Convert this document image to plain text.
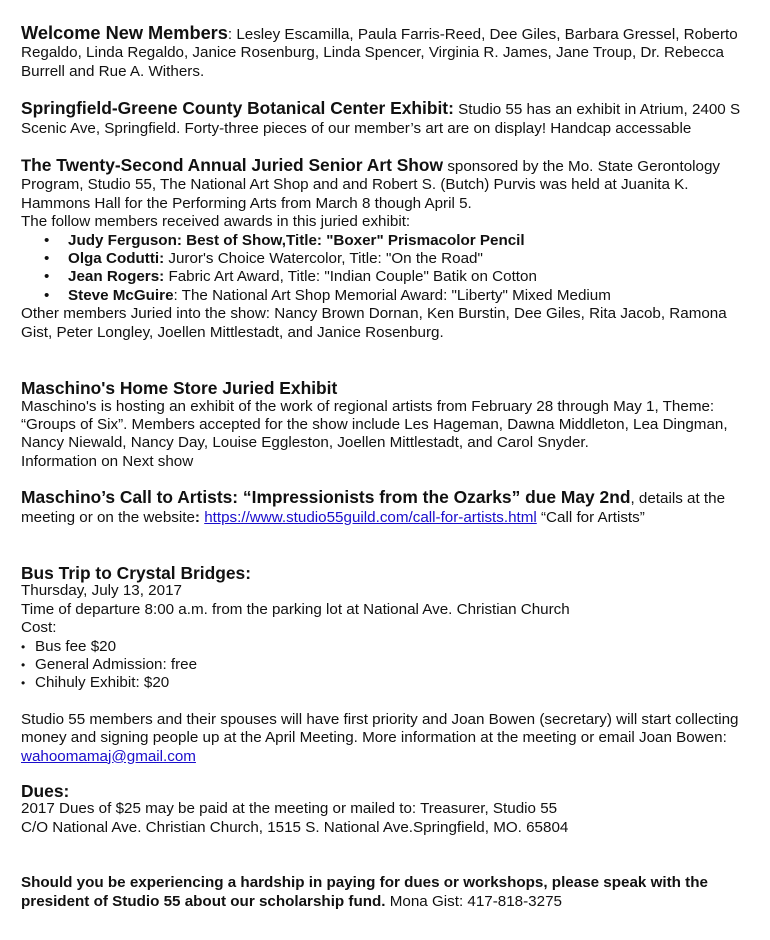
Welcome New Members: Lesley Escamilla, Paula Farris-Reed, Dee Giles, Barbara Gressel, Roberto Regaldo, Linda Regaldo, Janice Rosenburg, Linda Spencer, Virginia R. James, Jane Troup, Dr. Rebecca Burrell and Rue A. Withers.

Springfield-Greene County Botanical Center Exhibit: Studio 55 has an exhibit in Atrium, 2400 S Scenic Ave, Springfield. Forty-three pieces of our member’s art are on display! Handcap accessable

The Twenty-Second Annual Juried Senior Art Show sponsored by the Mo. State Gerontology Program, Studio 55, The National Art Shop and and Robert S. (Butch) Purvis was held at Juanita K. Hammons Hall for the Performing Arts from March 8 though April 5.

The follow members received awards in this juried exhibit:

• Judy Ferguson: Best of Show,Title: "Boxer" Prismacolor Pencil
• Olga Codutti: Juror's Choice Watercolor, Title: "On the Road"
• Jean Rogers: Fabric Art Award, Title: "Indian Couple" Batik on Cotton
• Steve McGuire: The National Art Shop Memorial Award: "Liberty" Mixed Medium

Other members Juried into the show: Nancy Brown Dornan, Ken Burstin, Dee Giles, Rita Jacob, Ramona Gist, Peter Longley, Joellen Mittlestadt, and Janice Rosenburg.

Maschino's Home Store Juried Exhibit

Maschino's is hosting an exhibit of the work of regional artists from February 28 through May 1, Theme: “Groups of Six”. Members accepted for the show include Les Hageman, Dawna Middleton, Lea Dingman, Nancy Niewald, Nancy Day, Louise Eggleston, Joellen Mittlestadt, and Carol Snyder.

Information on Next show

Maschino’s Call to Artists: “Impressionists from the Ozarks” due May 2nd, details at the meeting or on the website: https://www.studio55guild.com/call-for-artists.html “Call for Artists”

Bus Trip to Crystal Bridges:

Thursday, July 13, 2017

Time of departure 8:00 a.m. from the parking lot at National Ave. Christian Church

Cost:

• Bus fee $20
• General Admission: free
• Chihuly Exhibit: $20

Studio 55 members and their spouses will have first priority and Joan Bowen (secretary) will start collecting money and signing people up at the April Meeting. More information at the meeting or email Joan Bowen: wahoomamaj@gmail.com

Dues:

2017 Dues of $25 may be paid at the meeting or mailed to: Treasurer, Studio 55

C/O National Ave. Christian Church, 1515 S. National Ave.Springfield, MO. 65804

Should you be experiencing a hardship in paying for dues or workshops, please speak with the president of Studio 55 about our scholarship fund. Mona Gist: 417-818-3275
